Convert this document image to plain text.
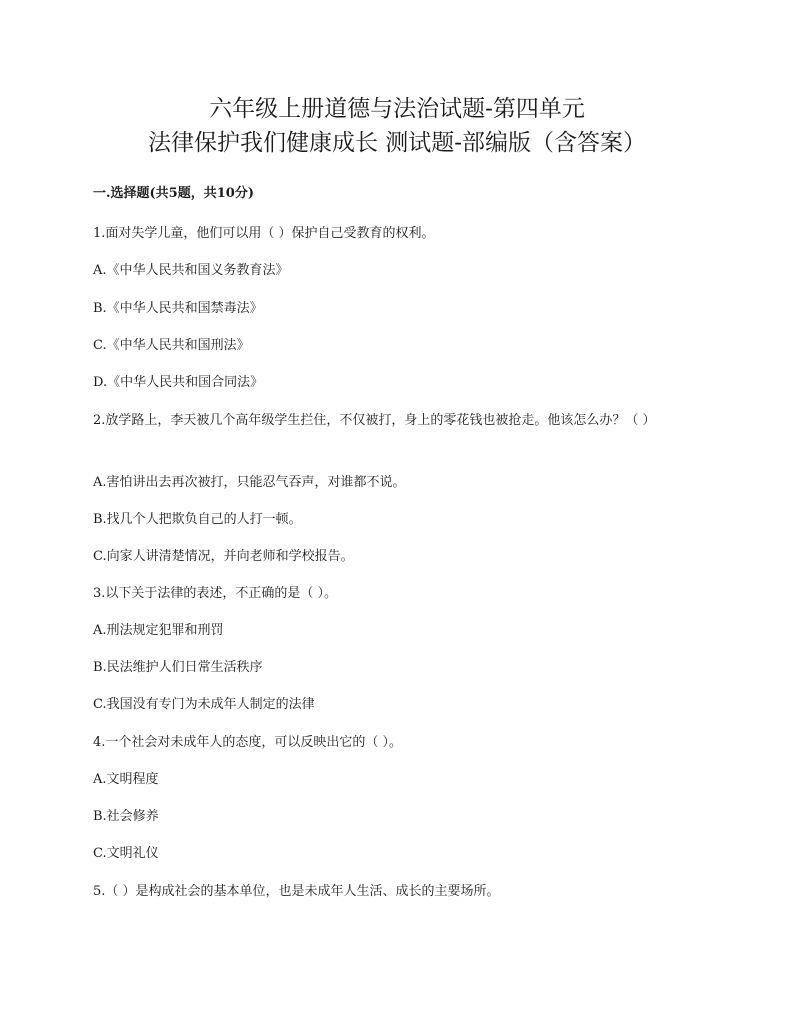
六年级上册道德与法治试题-第四单元
法律保护我们健康成长 测试题-部编版（含答案）
一.选择题(共5题，共10分)
1.面对失学儿童，他们可以用（ ）保护自己受教育的权利。
A.《中华人民共和国义务教育法》
B.《中华人民共和国禁毒法》
C.《中华人民共和国刑法》
D.《中华人民共和国合同法》
2.放学路上，李天被几个高年级学生拦住，不仅被打，身上的零花钱也被抢走。他该怎么办？（ ）
A.害怕讲出去再次被打，只能忍气吞声，对谁都不说。
B.找几个人把欺负自己的人打一顿。
C.向家人讲清楚情况，并向老师和学校报告。
3.以下关于法律的表述，不正确的是（ ）。
A.刑法规定犯罪和刑罚
B.民法维护人们日常生活秩序
C.我国没有专门为未成年人制定的法律
4.一个社会对未成年人的态度，可以反映出它的（ ）。
A.文明程度
B.社会修养
C.文明礼仪
5.（ ）是构成社会的基本单位，也是未成年人生活、成长的主要场所。
